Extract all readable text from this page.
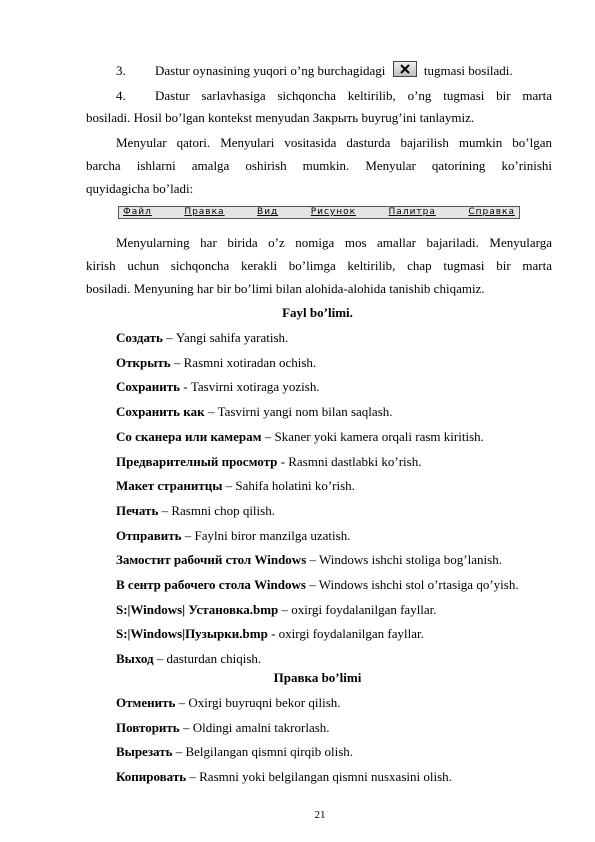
3. Dastur oynasining yuqori o’ng burchagidagi	tugmasi bosiladi.
4. Dastur sarlavhasiga sichqoncha keltirilib, o’ng tugmasi bir marta
bosiladi. Hosil bo’lgan kontekst menyudan Закрыть buyrug’ini tanlaymiz.
Menyular qatori. Menyulari vositasida dasturda bajarilish mumkin bo’lgan
barcha ishlarni amalga oshirish mumkin. Menyular qatorining ko’rinishi
quyidagicha bo’ladi:
Файл	Правка	Вид	Рисунок	Палитра	Справка
Menyularning har birida o’z nomiga mos amallar bajariladi. Menyularga
kirish uchun sichqoncha kerakli bo’limga keltirilib, chap tugmasi bir marta
bosiladi. Menyuning har bir bo’limi bilan alohida-alohida tanishib chiqamiz.
Fayl bo’limi.
Создать – Yangi sahifa yaratish.
Открыть – Rasmni xotiradan ochish.
Сохранить - Tasvirni xotiraga yozish.
Сохранить как – Tasvirni yangi nom bilan saqlash.
Со сканера или камерам – Skaner yoki kamera orqali rasm kiritish.
Предварителный просмотр - Rasmni dastlabki ko’rish.
Макет странитцы – Sahifa holatini ko’rish.
Печать – Rasmni chop qilish.
Отправить – Faylni biror manzilga uzatish.
Замостит рабочий стол Windows – Windows ishchi stoliga bog’lanish.
В сентр рабочего стола Windows – Windows ishchi stol o’rtasiga qo’yish.
S:|Windows| Установка.bmp – oxirgi foydalanilgan fayllar.
S:|Windows|Пузырки.bmp - oxirgi foydalanilgan fayllar.
Выход – dasturdan chiqish.
Правка bo’limi
Отменить – Oxirgi buyruqni bekor qilish.
Повторить – Oldingi amalni takrorlash.
Вырезать – Belgilangan qismni qirqib olish.
Копировать – Rasmni yoki belgilangan qismni nusxasini olish.
21
